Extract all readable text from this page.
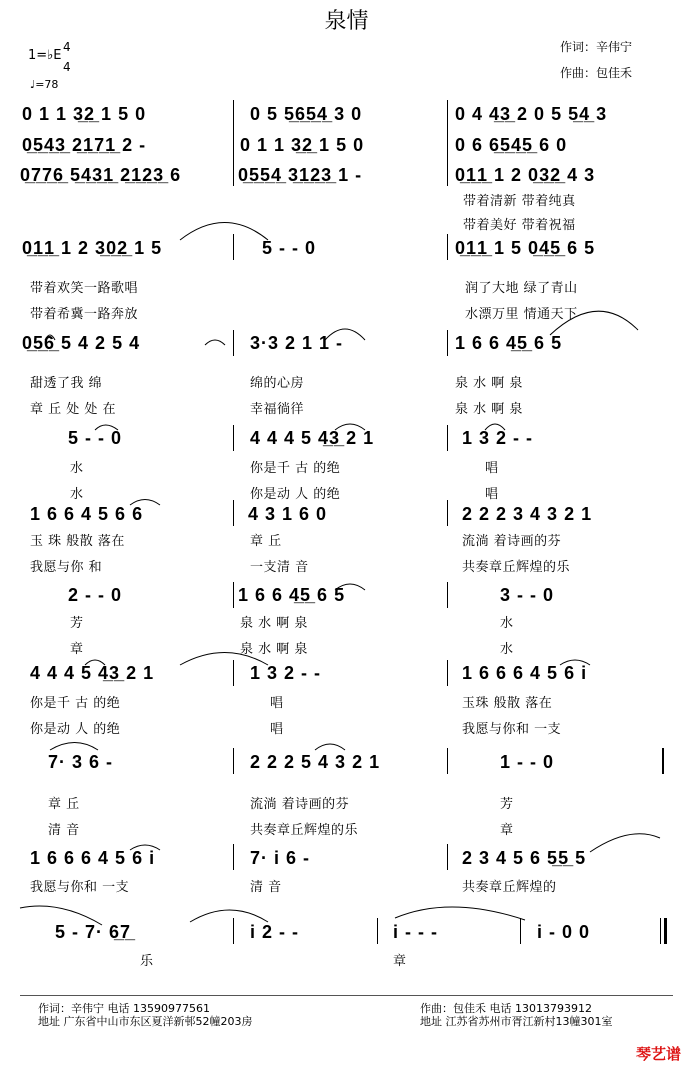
泉情
1=♭E
4
4
♩=78
作词：辛伟宁
作曲：包佳禾
0 1 1 3̲2̲ 1 5 0	0 5 5̲6̲5̲4̲ 3 0	0 4 4̲3̲ 2 0 5 5̲4̲ 3
0̲5̲4̲3̲ 2̲1̲7̲1̲ 2 -	0 1 1 3̲2̲ 1 5 0	0 6 6̲5̲4̲5̲ 6 0
0̲7̲7̲6̲ 5̲4̲3̲1̲ 2̲1̲2̲3̲ 6	0̲5̲5̲4̲ 3̲1̲2̲3̲ 1 -	0̲1̲1̲ 1 2 0̲3̲2̲ 4 3
带着清新 带着纯真
带着美好 带着祝福
0̲1̲1̲ 1 2 3̲0̲2̲ 1 5	5 - - 0	0̲1̲1̲ 1 5 0̲4̲5̲ 6 5
带着欢笑一路歌唱	润了大地 绿了青山
带着希冀一路奔放	水漂万里 情通天下
0̲5̲6̲ 5 4 2 5 4	3·3 2 1 1 -	1 6 6 4̲5̲ 6 5
甜透了我 绵	绵的心房	泉 水 啊 泉
章 丘 处 处 在	幸福徜徉	泉 水 啊 泉
5 - - 0	4 4 4 5 4̲3̲ 2 1	1 3 2 - -
水	你是千 古 的绝	唱
水	你是动 人 的绝	唱
1 6 6 4 5 6 6	4 3 1 6 0	2 2 2 3 4 3 2 1
玉 珠 般散 落在	章 丘	流淌 着诗画的芬
我愿与你 和	一支清 音	共奏章丘辉煌的乐
2 - - 0	1 6 6 4̲5̲ 6 5	3 - - 0
芳	泉 水 啊 泉	水
章	泉 水 啊 泉	水
4 4 4 5 4̲3̲ 2 1	1 3 2 - -	1 6 6 6 4 5 6 i
你是千 古 的绝	唱	玉珠 般散 落在
你是动 人 的绝	唱	我愿与你和 一支
7· 3 6 -	2 2 2 5 4 3 2 1	1 - - 0
章 丘	流淌 着诗画的芬	芳
清 音	共奏章丘辉煌的乐	章
1 6 6 6 4 5 6 i	7· i 6 -	2 3 4 5 6 5̲5̲ 5
我愿与你和 一支	清 音	共奏章丘辉煌的
5 - 7· 6̲7̲	i 2 - -	i - - -	i - 0 0
乐	章
作词：辛伟宁 电话 13590977561
地址 广东省中山市东区夏洋新邨52幢203房
作曲：包佳禾 电话 13013793912
地址 江苏省苏州市胥江新村13幢301室
琴艺谱
